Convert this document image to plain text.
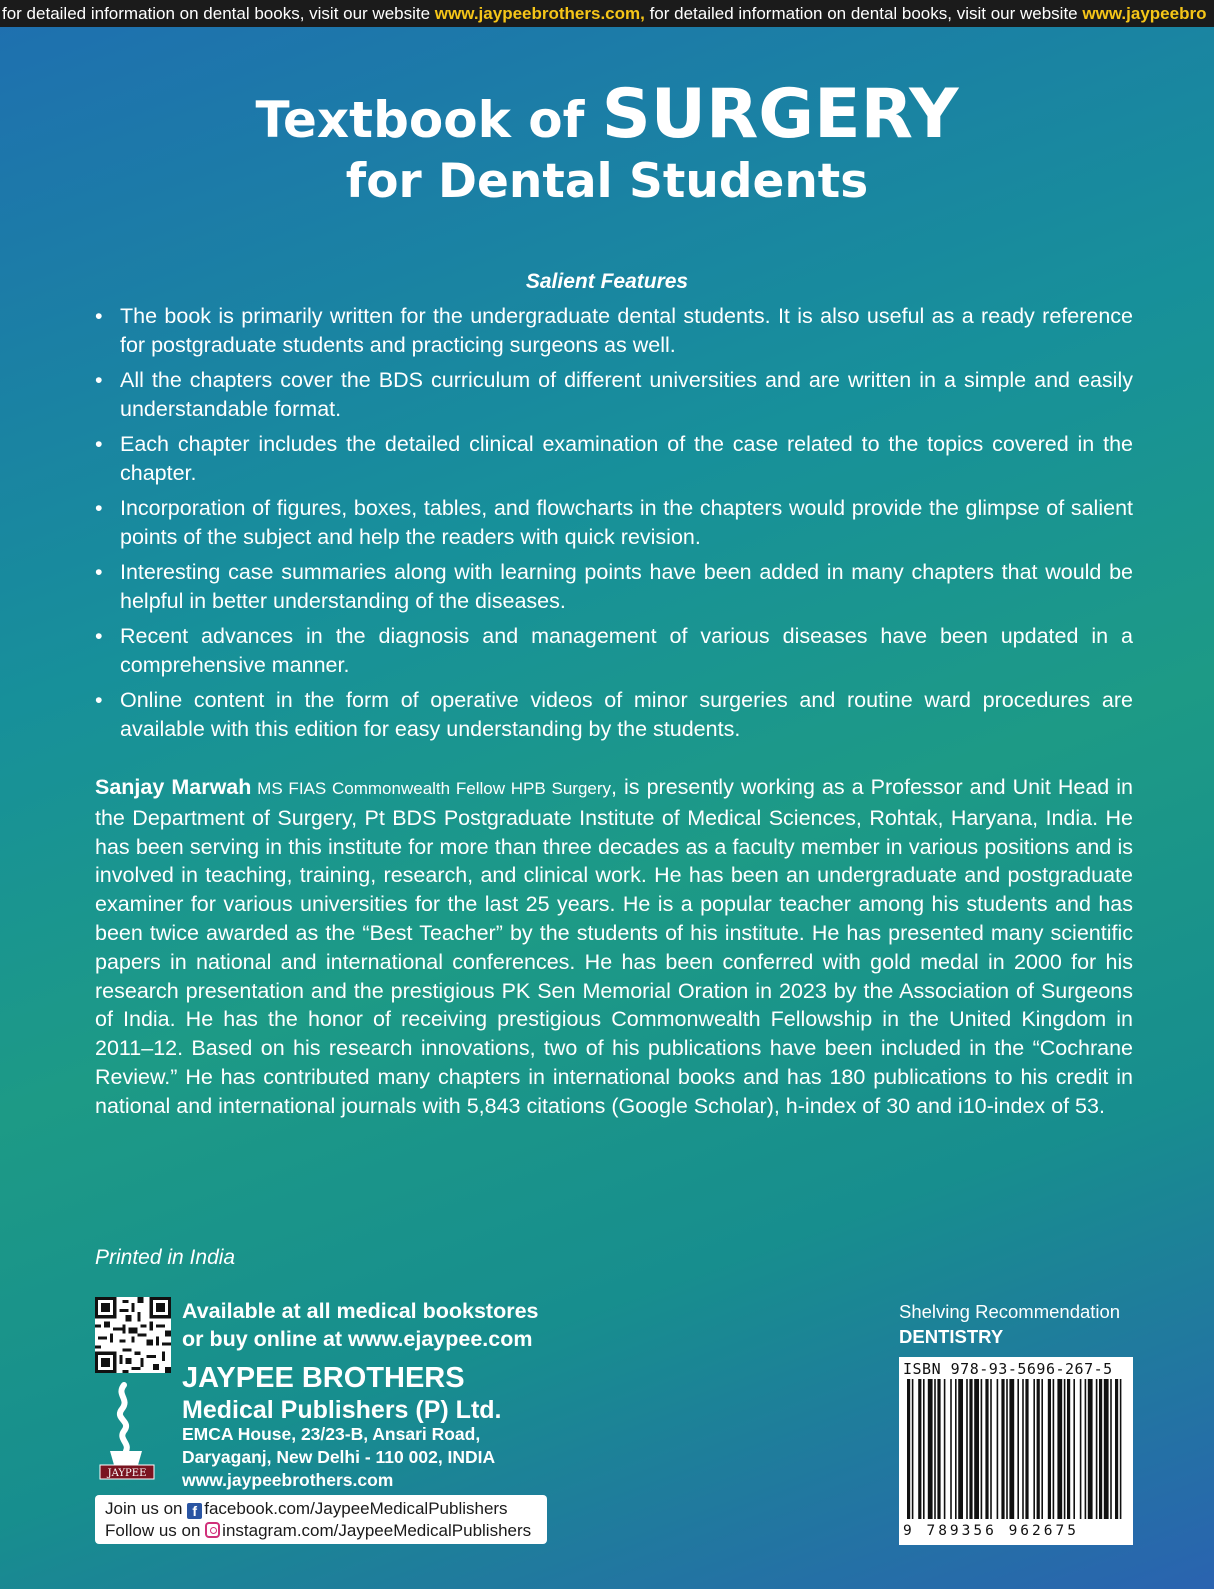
for detailed information on dental books, visit our website www.jaypeebrothers.com, for detailed information on dental books, visit our website www.jaypeebro
Textbook of SURGERY
for Dental Students
Salient Features
• The book is primarily written for the undergraduate dental students. It is also useful as a ready reference for postgraduate students and practicing surgeons as well.
• All the chapters cover the BDS curriculum of different universities and are written in a simple and easily understandable format.
• Each chapter includes the detailed clinical examination of the case related to the topics covered in the chapter.
• Incorporation of figures, boxes, tables, and flowcharts in the chapters would provide the glimpse of salient points of the subject and help the readers with quick revision.
• Interesting case summaries along with learning points have been added in many chapters that would be helpful in better understanding of the diseases.
• Recent advances in the diagnosis and management of various diseases have been updated in a comprehensive manner.
• Online content in the form of operative videos of minor surgeries and routine ward procedures are available with this edition for easy understanding by the students.

Sanjay Marwah MS FIAS Commonwealth Fellow HPB Surgery, is presently working as a Professor and Unit Head in the Department of Surgery, Pt BDS Postgraduate Institute of Medical Sciences, Rohtak, Haryana, India. He has been serving in this institute for more than three decades as a faculty member in various positions and is involved in teaching, training, research, and clinical work. He has been an undergraduate and postgraduate examiner for various universities for the last 25 years. He is a popular teacher among his students and has been twice awarded as the “Best Teacher” by the students of his institute. He has presented many scientific papers in national and international conferences. He has been conferred with gold medal in 2000 for his research presentation and the prestigious PK Sen Memorial Oration in 2023 by the Association of Surgeons of India. He has the honor of receiving prestigious Commonwealth Fellowship in the United Kingdom in 2011–12. Based on his research innovations, two of his publications have been included in the “Cochrane Review.” He has contributed many chapters in international books and has 180 publications to his credit in national and international journals with 5,843 citations (Google Scholar), h-index of 30 and i10-index of 53.

Printed in India
Available at all medical bookstores
or buy online at www.ejaypee.com
JAYPEE
JAYPEE BROTHERS
Medical Publishers (P) Ltd.
EMCA House, 23/23-B, Ansari Road,
Daryaganj, New Delhi - 110 002, INDIA
www.jaypeebrothers.com
Join us on f facebook.com/JaypeeMedicalPublishers
Follow us on instagram.com/JaypeeMedicalPublishers
Shelving Recommendation
DENTISTRY
ISBN 978-93-5696-267-5
9 789356 962675
